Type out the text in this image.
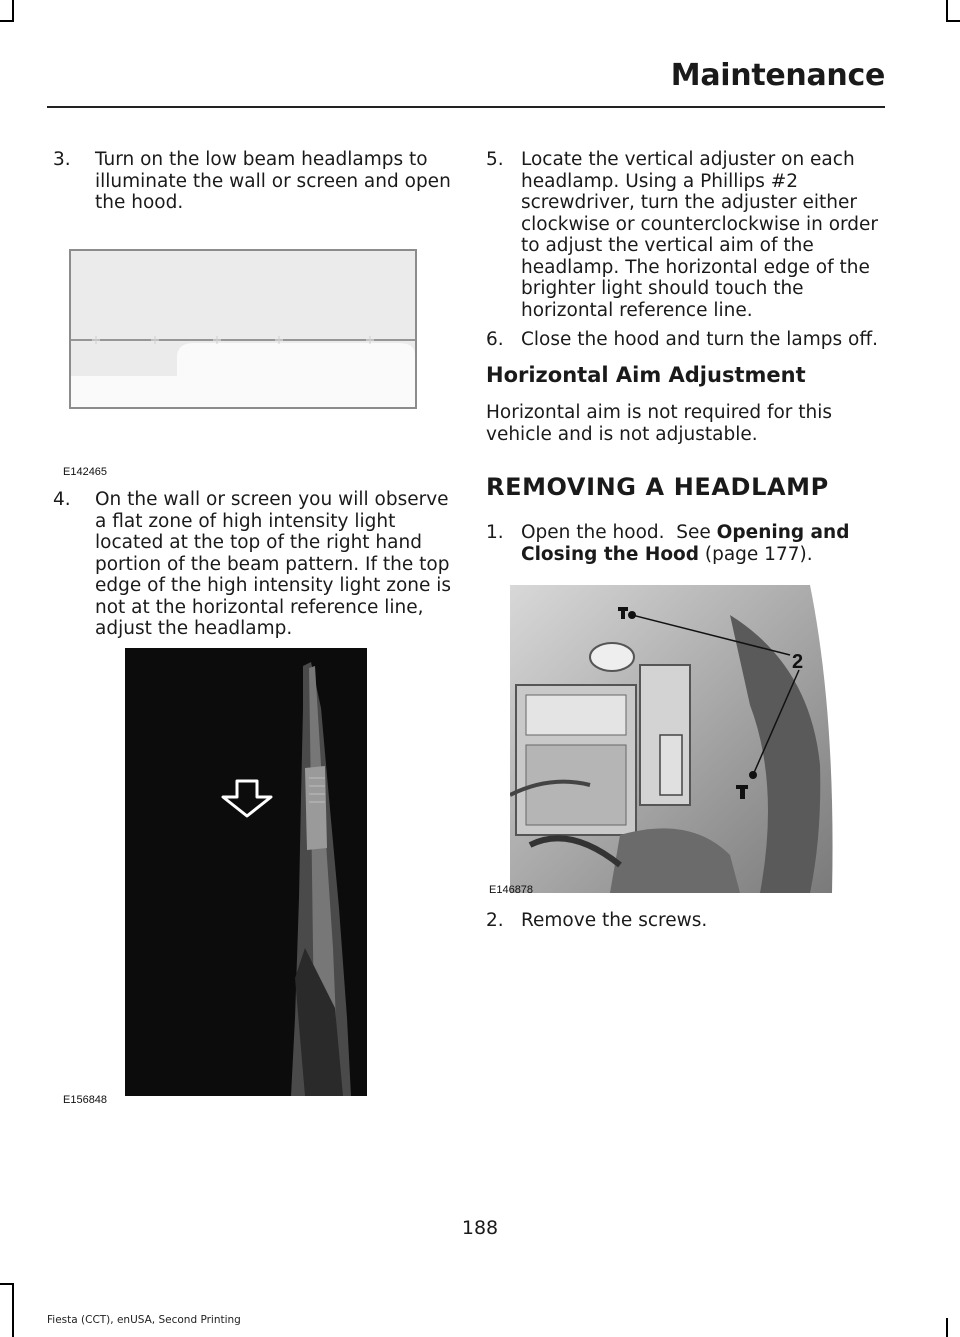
Maintenance
3. Turn on the low beam headlamps to
illuminate the wall or screen and open
the hood.
E142465
4. On the wall or screen you will observe
a flat zone of high intensity light
located at the top of the right hand
portion of the beam pattern. If the top
edge of the high intensity light zone is
not at the horizontal reference line,
adjust the headlamp.
E156848
5. Locate the vertical adjuster on each
headlamp. Using a Phillips #2
screwdriver, turn the adjuster either
clockwise or counterclockwise in order
to adjust the vertical aim of the
headlamp. The horizontal edge of the
brighter light should touch the
horizontal reference line.
6. Close the hood and turn the lamps off.
Horizontal Aim Adjustment
Horizontal aim is not required for this
vehicle and is not adjustable.
REMOVING A HEADLAMP
1. Open the hood.  See Opening and
Closing the Hood (page 177).
2
E146878
2. Remove the screws.
188
Fiesta (CCT), enUSA, Second Printing
